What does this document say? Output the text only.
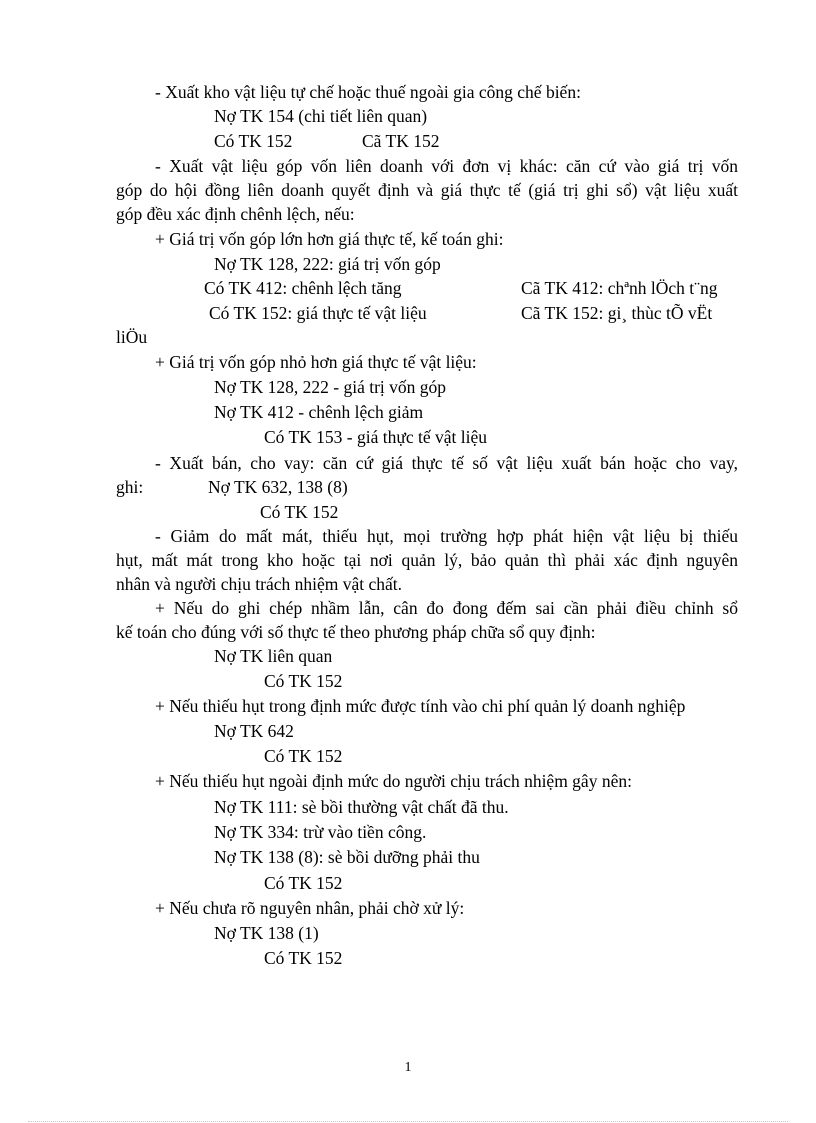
- Xuất kho vật liệu tự chế hoặc thuế ngoài gia công chế biến:
Nợ TK 154 (chi tiết liên quan)
Có TK 152	Cã TK 152
- Xuất vật liệu góp vốn liên doanh với đơn vị khác: căn cứ vào giá trị vốn
góp do hội đồng liên doanh quyết định và giá thực tế (giá trị ghi sổ) vật liệu xuất
góp đều xác định chênh lệch, nếu:
+ Giá trị vốn góp lớn hơn giá thực tế, kế toán ghi:
Nợ TK 128, 222: giá trị vốn góp
Có TK 412: chênh lệch tăng	Cã TK 412: chªnh lÖch t¨ng
Có TK 152: giá thực tế vật liệu	Cã TK 152: gi¸ thùc tÕ vËt
liÖu
+ Giá trị vốn góp nhỏ hơn giá thực tế vật liệu:
Nợ TK 128, 222 - giá trị vốn góp
Nợ TK 412 - chênh lệch giảm
Có TK 153 - giá thực tế vật liệu
- Xuất bán, cho vay: căn cứ giá thực tế số vật liệu xuất bán hoặc cho vay,
ghi:	Nợ TK 632, 138 (8)
Có TK 152
- Giảm do mất mát, thiếu hụt, mọi trường hợp phát hiện vật liệu bị thiếu
hụt, mất mát trong kho hoặc tại nơi quản lý, bảo quản thì phải xác định nguyên
nhân và người chịu trách nhiệm vật chất.
+ Nếu do ghi chép nhầm lẫn, cân đo đong đếm sai cần phải điều chỉnh sổ
kế toán cho đúng với số thực tế theo phương pháp chữa sổ quy định:
Nợ TK liên quan
Có TK 152
+ Nếu thiếu hụt trong định mức được tính vào chi phí quản lý doanh nghiệp
Nợ TK 642
Có TK 152
+ Nếu thiếu hụt ngoài định mức do người chịu trách nhiệm gây nên:
Nợ TK 111: sè bồi thường vật chất đã thu.
Nợ TK 334: trừ vào tiền công.
Nợ TK 138 (8): sè bồi dưỡng phải thu
Có TK 152
+ Nếu chưa rõ nguyên nhân, phải chờ xử lý:
Nợ TK 138 (1)
Có TK 152
1
